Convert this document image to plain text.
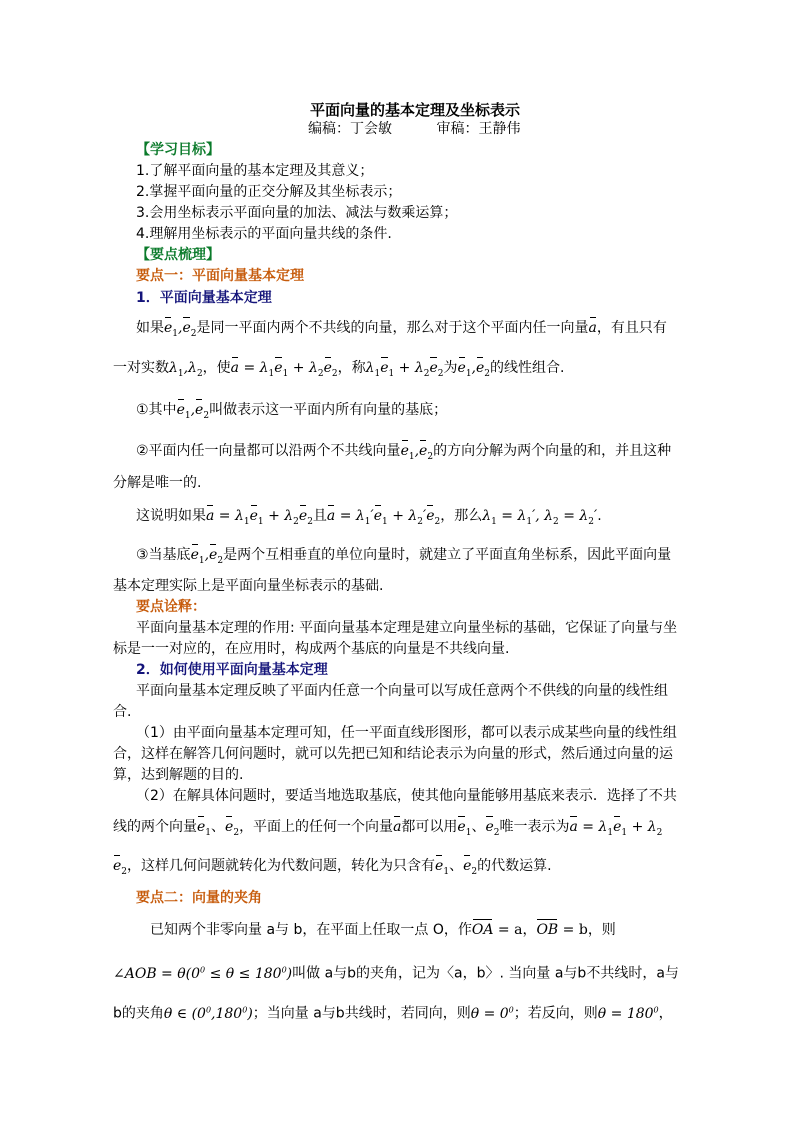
平面向量的基本定理及坐标表示
编稿：丁会敏          审稿：王静伟
【学习目标】
1.了解平面向量的基本定理及其意义；
2.掌握平面向量的正交分解及其坐标表示；
3.会用坐标表示平面向量的加法、减法与数乘运算；
4.理解用坐标表示的平面向量共线的条件.
【要点梳理】
要点一：平面向量基本定理
1．平面向量基本定理
如果$e_1,e_2$是同一平面内两个不共线的向量，那么对于这个平面内任一向量a，有且只有
一对实数$\lambda_1,\lambda_2$，使$a = \lambda_1e_1 + \lambda_2e_2$，称$\lambda_1e_1 + \lambda_2e_2$为$e_1,e_2$的线性组合.
①其中$e_1,e_2$叫做表示这一平面内所有向量的基底；
②平面内任一向量都可以沿两个不共线向量$e_1,e_2$的方向分解为两个向量的和，并且这种
分解是唯一的.
这说明如果$a = \lambda_1e_1 + \lambda_2e_2$且$a = \lambda_1'e_1 + \lambda_2'e_2$，那么$\lambda_1 = \lambda_1'$, $\lambda_2 = \lambda_2'$.
③当基底$e_1,e_2$是两个互相垂直的单位向量时，就建立了平面直角坐标系，因此平面向量
基本定理实际上是平面向量坐标表示的基础.
要点诠释：
平面向量基本定理的作用: 平面向量基本定理是建立向量坐标的基础，它保证了向量与坐
标是一一对应的，在应用时，构成两个基底的向量是不共线向量.
2．如何使用平面向量基本定理
平面向量基本定理反映了平面内任意一个向量可以写成任意两个不供线的向量的线性组
合.
（1）由平面向量基本定理可知，任一平面直线形图形，都可以表示成某些向量的线性组
合，这样在解答几何问题时，就可以先把已知和结论表示为向量的形式，然后通过向量的运
算，达到解题的目的.
（2）在解具体问题时，要适当地选取基底，使其他向量能够用基底来表示．选择了不共
线的两个向量$e_1$、$e_2$，平面上的任何一个向量a都可以用$e_1$、$e_2$唯一表示为$a = \lambda_1e_1 + \lambda_2$
$e_2$，这样几何问题就转化为代数问题，转化为只含有$e_1$、$e_2$的代数运算.
要点二：向量的夹角
已知两个非零向量 a与 b，在平面上任取一点 O，作OA = a，OB = b，则
∠AOB = $\theta(0^0 \le \theta \le 180^0)$叫做 a与b的夹角，记为〈a，b〉. 当向量 a与b不共线时，a与
b的夹角θ ∈ $(0^0,180^0)$；当向量 a与b共线时，若同向，则$\theta = 0^0$；若反向，则$\theta = 180^0$，
